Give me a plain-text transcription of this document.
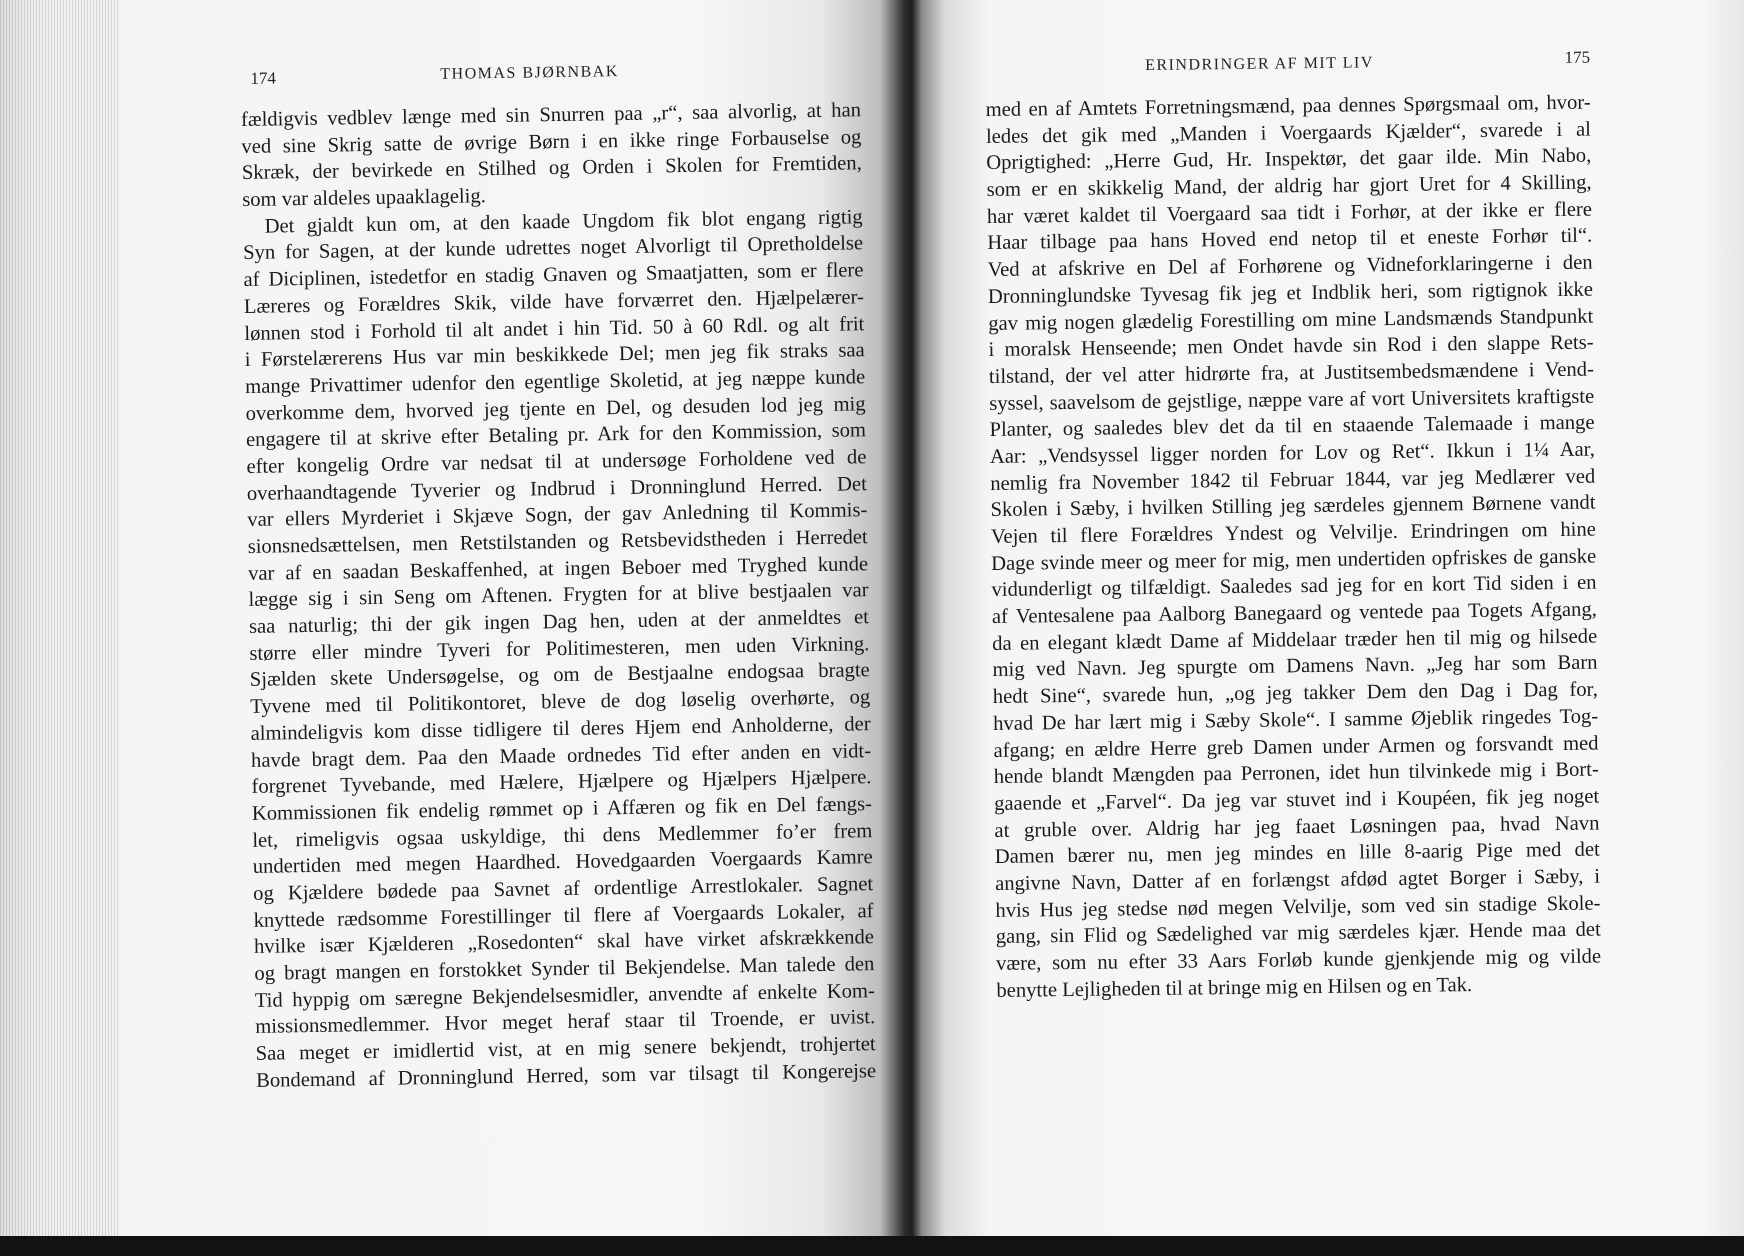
174	THOMAS BJØRNBAK
fældigvis vedblev længe med sin Snurren paa „r“, saa alvorlig, at han
ved sine Skrig satte de øvrige Børn i en ikke ringe Forbauselse og
Skræk, der bevirkede en Stilhed og Orden i Skolen for Fremtiden,
som var aldeles upaaklagelig.
Det gjaldt kun om, at den kaade Ungdom fik blot engang rigtig
Syn for Sagen, at der kunde udrettes noget Alvorligt til Opretholdelse
af Diciplinen, istedetfor en stadig Gnaven og Smaatjatten, som er flere
Læreres og Forældres Skik, vilde have forværret den. Hjælpelærer-
lønnen stod i Forhold til alt andet i hin Tid. 50 à 60 Rdl. og alt frit
i Førstelærerens Hus var min beskikkede Del; men jeg fik straks saa
mange Privattimer udenfor den egentlige Skoletid, at jeg næppe kunde
overkomme dem, hvorved jeg tjente en Del, og desuden lod jeg mig
engagere til at skrive efter Betaling pr. Ark for den Kommission, som
efter kongelig Ordre var nedsat til at undersøge Forholdene ved de
overhaandtagende Tyverier og Indbrud i Dronninglund Herred. Det
var ellers Myrderiet i Skjæve Sogn, der gav Anledning til Kommis-
sionsnedsættelsen, men Retstilstanden og Retsbevidstheden i Herredet
var af en saadan Beskaffenhed, at ingen Beboer med Tryghed kunde
lægge sig i sin Seng om Aftenen. Frygten for at blive bestjaalen var
saa naturlig; thi der gik ingen Dag hen, uden at der anmeldtes et
større eller mindre Tyveri for Politimesteren, men uden Virkning.
Sjælden skete Undersøgelse, og om de Bestjaalne endogsaa bragte
Tyvene med til Politikontoret, bleve de dog løselig overhørte, og
almindeligvis kom disse tidligere til deres Hjem end Anholderne, der
havde bragt dem. Paa den Maade ordnedes Tid efter anden en vidt-
forgrenet Tyvebande, med Hælere, Hjælpere og Hjælpers Hjælpere.
Kommissionen fik endelig rømmet op i Affæren og fik en Del fængs-
let, rimeligvis ogsaa uskyldige, thi dens Medlemmer fo’er frem
undertiden med megen Haardhed. Hovedgaarden Voergaards Kamre
og Kjældere bødede paa Savnet af ordentlige Arrestlokaler. Sagnet
knyttede rædsomme Forestillinger til flere af Voergaards Lokaler, af
hvilke især Kjælderen „Rosedonten“ skal have virket afskrækkende
og bragt mangen en forstokket Synder til Bekjendelse. Man talede den
Tid hyppig om særegne Bekjendelsesmidler, anvendte af enkelte Kom-
missionsmedlemmer. Hvor meget heraf staar til Troende, er uvist.
Saa meget er imidlertid vist, at en mig senere bekjendt, trohjertet
Bondemand af Dronninglund Herred, som var tilsagt til Kongerejse
ERINDRINGER AF MIT LIV	175
med en af Amtets Forretningsmænd, paa dennes Spørgsmaal om, hvor-
ledes det gik med „Manden i Voergaards Kjælder“, svarede i al
Oprigtighed: „Herre Gud, Hr. Inspektør, det gaar ilde. Min Nabo,
som er en skikkelig Mand, der aldrig har gjort Uret for 4 Skilling,
har været kaldet til Voergaard saa tidt i Forhør, at der ikke er flere
Haar tilbage paa hans Hoved end netop til et eneste Forhør til“.
Ved at afskrive en Del af Forhørene og Vidneforklaringerne i den
Dronninglundske Tyvesag fik jeg et Indblik heri, som rigtignok ikke
gav mig nogen glædelig Forestilling om mine Landsmænds Standpunkt
i moralsk Henseende; men Ondet havde sin Rod i den slappe Rets-
tilstand, der vel atter hidrørte fra, at Justitsembedsmændene i Vend-
syssel, saavelsom de gejstlige, næppe vare af vort Universitets kraftigste
Planter, og saaledes blev det da til en staaende Talemaade i mange
Aar: „Vendsyssel ligger norden for Lov og Ret“. Ikkun i 1¼ Aar,
nemlig fra November 1842 til Februar 1844, var jeg Medlærer ved
Skolen i Sæby, i hvilken Stilling jeg særdeles gjennem Børnene vandt
Vejen til flere Forældres Yndest og Velvilje. Erindringen om hine
Dage svinde meer og meer for mig, men undertiden opfriskes de ganske
vidunderligt og tilfældigt. Saaledes sad jeg for en kort Tid siden i en
af Ventesalene paa Aalborg Banegaard og ventede paa Togets Afgang,
da en elegant klædt Dame af Middelaar træder hen til mig og hilsede
mig ved Navn. Jeg spurgte om Damens Navn. „Jeg har som Barn
hedt Sine“, svarede hun, „og jeg takker Dem den Dag i Dag for,
hvad De har lært mig i Sæby Skole“. I samme Øjeblik ringedes Tog-
afgang; en ældre Herre greb Damen under Armen og forsvandt med
hende blandt Mængden paa Perronen, idet hun tilvinkede mig i Bort-
gaaende et „Farvel“. Da jeg var stuvet ind i Koupéen, fik jeg noget
at gruble over. Aldrig har jeg faaet Løsningen paa, hvad Navn
Damen bærer nu, men jeg mindes en lille 8-aarig Pige med det
angivne Navn, Datter af en forlængst afdød agtet Borger i Sæby, i
hvis Hus jeg stedse nød megen Velvilje, som ved sin stadige Skole-
gang, sin Flid og Sædelighed var mig særdeles kjær. Hende maa det
være, som nu efter 33 Aars Forløb kunde gjenkjende mig og vilde
benytte Lejligheden til at bringe mig en Hilsen og en Tak.
